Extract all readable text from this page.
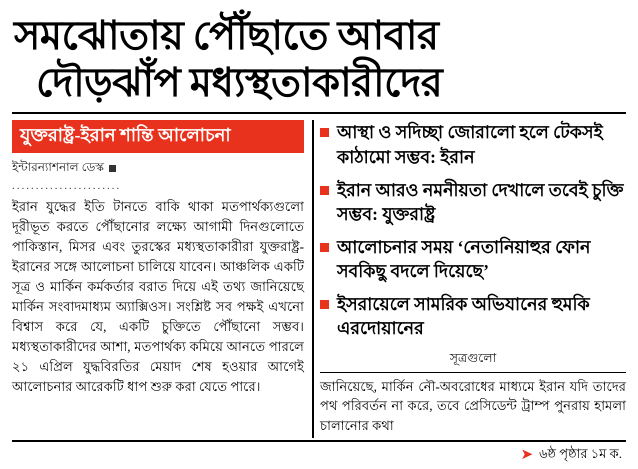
সমঝোতায় পৌঁছাতে আবার
দৌড়ঝাঁপ মধ্যস্থতাকারীদের
যুক্তরাষ্ট্র-ইরান শান্তি আলোচনা
ইন্টারন্যাশনাল ডেস্ক
.......................

ইরান যুদ্ধের ইতি টানতে বাকি থাকা মতপার্থক্যগুলো দূরীভূত করতে পৌঁছানোর লক্ষ্যে আগামী দিনগুলোতে পাকিস্তান, মিসর এবং তুরস্কের মধ্যস্থতাকারীরা যুক্তরাষ্ট্র-ইরানের সঙ্গে আলোচনা চালিয়ে যাবেন। আঞ্চলিক একটি সূত্র ও মার্কিন কর্মকর্তার বরাত দিয়ে এই তথ্য জানিয়েছে মার্কিন সংবাদমাধ্যম অ্যাক্সিওস। সংশ্লিষ্ট সব পক্ষই এখনো বিশ্বাস করে যে, একটি চুক্তিতে পৌঁছানো সম্ভব। মধ্যস্থতাকারীদের আশা, মতপার্থক্য কমিয়ে আনতে পারলে ২১ এপ্রিল যুদ্ধবিরতির মেয়াদ শেষ হওয়ার আগেই আলোচনার আরেকটি ধাপ শুরু করা যেতে পারে।

আস্থা ও সদিচ্ছা জোরালো হলে টেকসই কাঠামো সম্ভব: ইরান
ইরান আরও নমনীয়তা দেখালে তবেই চুক্তি সম্ভব: যুক্তরাষ্ট্র
আলোচনার সময় ‘নেতানিয়াহুর ফোন সবকিছু বদলে দিয়েছে’
ইসরায়েলে সামরিক অভিযানের হুমকি এরদোয়ানের
সূত্রগুলো
জানিয়েছে, মার্কিন নৌ-অবরোধের মাধ্যমে ইরান যদি তাদের পথ পরিবর্তন না করে, তবে প্রেসিডেন্ট ট্রাম্প পুনরায় হামলা চালানোর কথা
➤ ৬ষ্ঠ পৃষ্ঠার ১ম ক.
